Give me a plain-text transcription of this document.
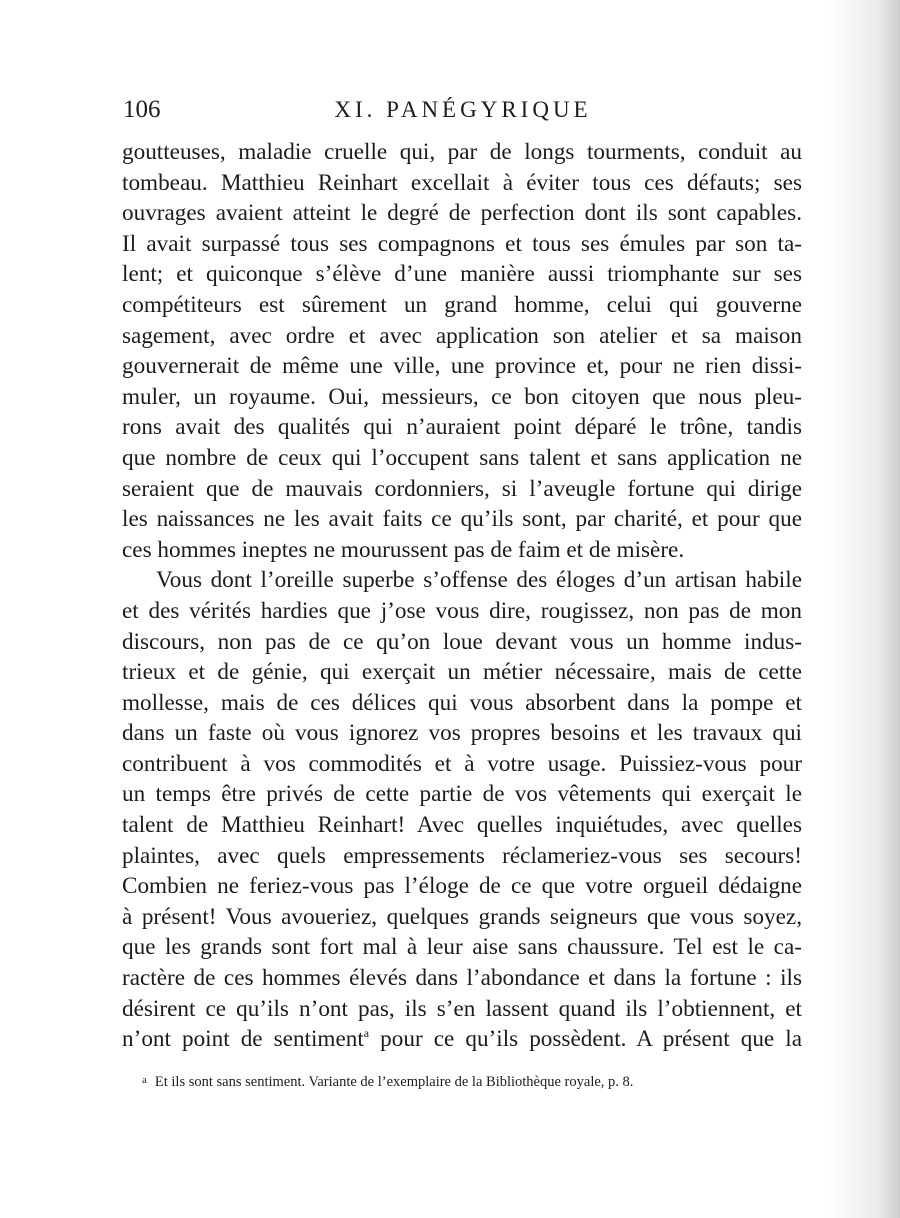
106	XI. PANÉGYRIQUE

goutteuses, maladie cruelle qui, par de longs tourments, conduit au
tombeau. Matthieu Reinhart excellait à éviter tous ces défauts; ses
ouvrages avaient atteint le degré de perfection dont ils sont capables.
Il avait surpassé tous ses compagnons et tous ses émules par son ta-
lent; et quiconque s’élève d’une manière aussi triomphante sur ses
compétiteurs est sûrement un grand homme, celui qui gouverne
sagement, avec ordre et avec application son atelier et sa maison
gouvernerait de même une ville, une province et, pour ne rien dissi-
muler, un royaume. Oui, messieurs, ce bon citoyen que nous pleu-
rons avait des qualités qui n’auraient point déparé le trône, tandis
que nombre de ceux qui l’occupent sans talent et sans application ne
seraient que de mauvais cordonniers, si l’aveugle fortune qui dirige
les naissances ne les avait faits ce qu’ils sont, par charité, et pour que
ces hommes ineptes ne mourussent pas de faim et de misère.

Vous dont l’oreille superbe s’offense des éloges d’un artisan habile
et des vérités hardies que j’ose vous dire, rougissez, non pas de mon
discours, non pas de ce qu’on loue devant vous un homme indus-
trieux et de génie, qui exerçait un métier nécessaire, mais de cette
mollesse, mais de ces délices qui vous absorbent dans la pompe et
dans un faste où vous ignorez vos propres besoins et les travaux qui
contribuent à vos commodités et à votre usage. Puissiez-vous pour
un temps être privés de cette partie de vos vêtements qui exerçait le
talent de Matthieu Reinhart! Avec quelles inquiétudes, avec quelles
plaintes, avec quels empressements réclameriez-vous ses secours!
Combien ne feriez-vous pas l’éloge de ce que votre orgueil dédaigne
à présent! Vous avoueriez, quelques grands seigneurs que vous soyez,
que les grands sont fort mal à leur aise sans chaussure. Tel est le ca-
ractère de ces hommes élevés dans l’abondance et dans la fortune : ils
désirent ce qu’ils n’ont pas, ils s’en lassent quand ils l’obtiennent, et
n’ont point de sentiment$^a$ pour ce qu’ils possèdent. A présent que la

$^a$ Et ils sont sans sentiment. Variante de l’exemplaire de la Bibliothèque royale, p. 8.
